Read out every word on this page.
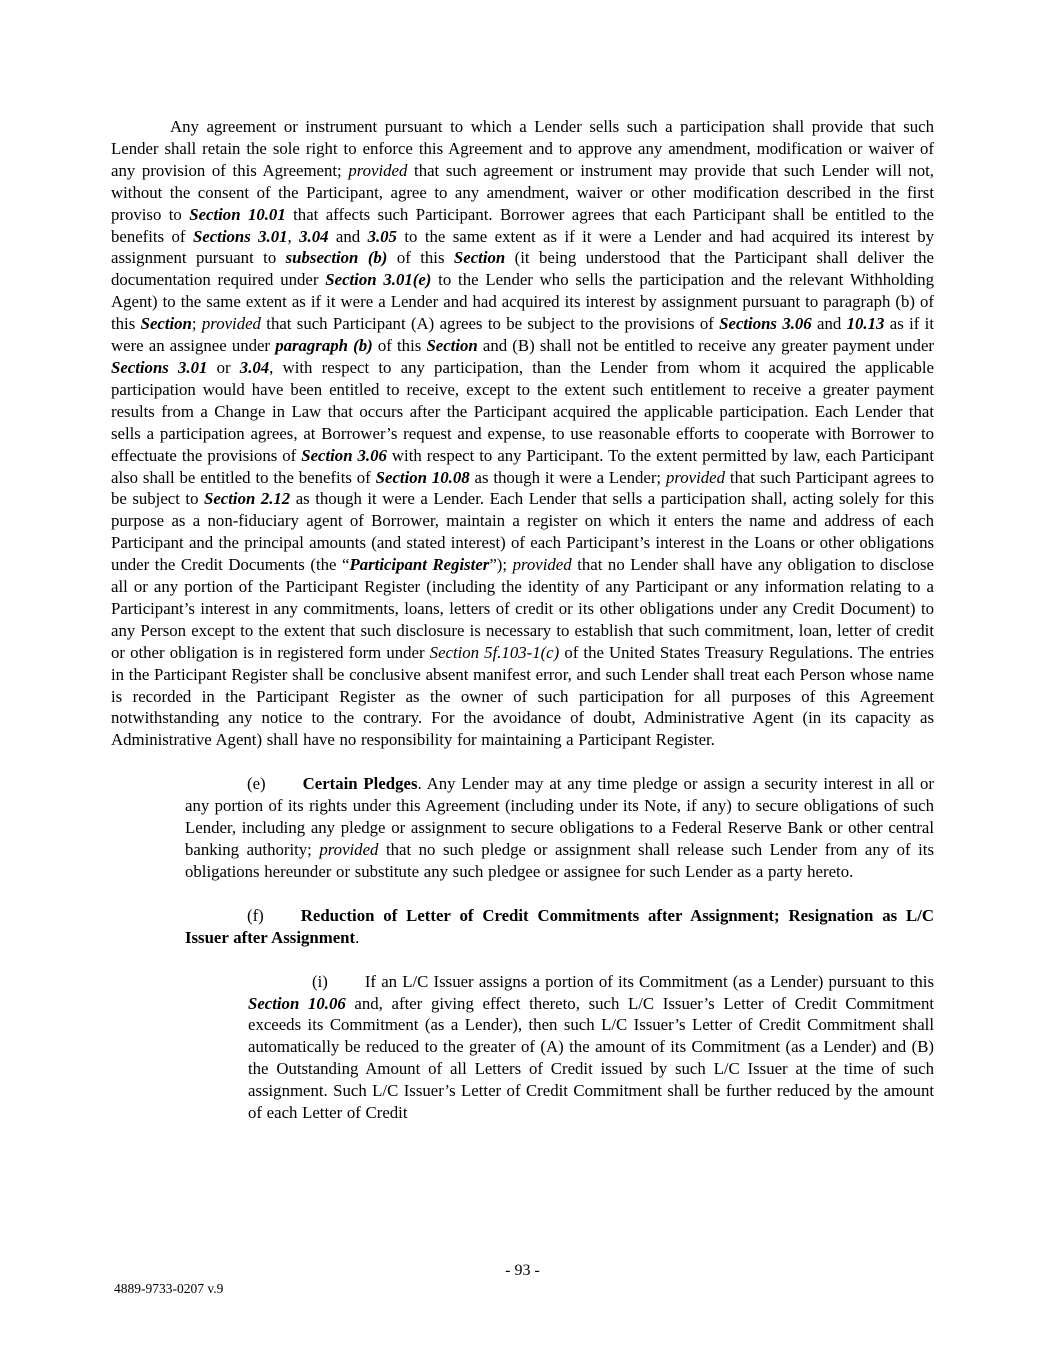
Any agreement or instrument pursuant to which a Lender sells such a participation shall provide that such Lender shall retain the sole right to enforce this Agreement and to approve any amendment, modification or waiver of any provision of this Agreement; provided that such agreement or instrument may provide that such Lender will not, without the consent of the Participant, agree to any amendment, waiver or other modification described in the first proviso to Section 10.01 that affects such Participant. Borrower agrees that each Participant shall be entitled to the benefits of Sections 3.01, 3.04 and 3.05 to the same extent as if it were a Lender and had acquired its interest by assignment pursuant to subsection (b) of this Section (it being understood that the Participant shall deliver the documentation required under Section 3.01(e) to the Lender who sells the participation and the relevant Withholding Agent) to the same extent as if it were a Lender and had acquired its interest by assignment pursuant to paragraph (b) of this Section; provided that such Participant (A) agrees to be subject to the provisions of Sections 3.06 and 10.13 as if it were an assignee under paragraph (b) of this Section and (B) shall not be entitled to receive any greater payment under Sections 3.01 or 3.04, with respect to any participation, than the Lender from whom it acquired the applicable participation would have been entitled to receive, except to the extent such entitlement to receive a greater payment results from a Change in Law that occurs after the Participant acquired the applicable participation. Each Lender that sells a participation agrees, at Borrower’s request and expense, to use reasonable efforts to cooperate with Borrower to effectuate the provisions of Section 3.06 with respect to any Participant. To the extent permitted by law, each Participant also shall be entitled to the benefits of Section 10.08 as though it were a Lender; provided that such Participant agrees to be subject to Section 2.12 as though it were a Lender. Each Lender that sells a participation shall, acting solely for this purpose as a non-fiduciary agent of Borrower, maintain a register on which it enters the name and address of each Participant and the principal amounts (and stated interest) of each Participant’s interest in the Loans or other obligations under the Credit Documents (the “Participant Register”); provided that no Lender shall have any obligation to disclose all or any portion of the Participant Register (including the identity of any Participant or any information relating to a Participant’s interest in any commitments, loans, letters of credit or its other obligations under any Credit Document) to any Person except to the extent that such disclosure is necessary to establish that such commitment, loan, letter of credit or other obligation is in registered form under Section 5f.103-1(c) of the United States Treasury Regulations. The entries in the Participant Register shall be conclusive absent manifest error, and such Lender shall treat each Person whose name is recorded in the Participant Register as the owner of such participation for all purposes of this Agreement notwithstanding any notice to the contrary. For the avoidance of doubt, Administrative Agent (in its capacity as Administrative Agent) shall have no responsibility for maintaining a Participant Register.

(e) Certain Pledges. Any Lender may at any time pledge or assign a security interest in all or any portion of its rights under this Agreement (including under its Note, if any) to secure obligations of such Lender, including any pledge or assignment to secure obligations to a Federal Reserve Bank or other central banking authority; provided that no such pledge or assignment shall release such Lender from any of its obligations hereunder or substitute any such pledgee or assignee for such Lender as a party hereto.

(f) Reduction of Letter of Credit Commitments after Assignment; Resignation as L/C Issuer after Assignment.

(i) If an L/C Issuer assigns a portion of its Commitment (as a Lender) pursuant to this Section 10.06 and, after giving effect thereto, such L/C Issuer’s Letter of Credit Commitment exceeds its Commitment (as a Lender), then such L/C Issuer’s Letter of Credit Commitment shall automatically be reduced to the greater of (A) the amount of its Commitment (as a Lender) and (B) the Outstanding Amount of all Letters of Credit issued by such L/C Issuer at the time of such assignment. Such L/C Issuer’s Letter of Credit Commitment shall be further reduced by the amount of each Letter of Credit

- 93 -
4889-9733-0207 v.9
